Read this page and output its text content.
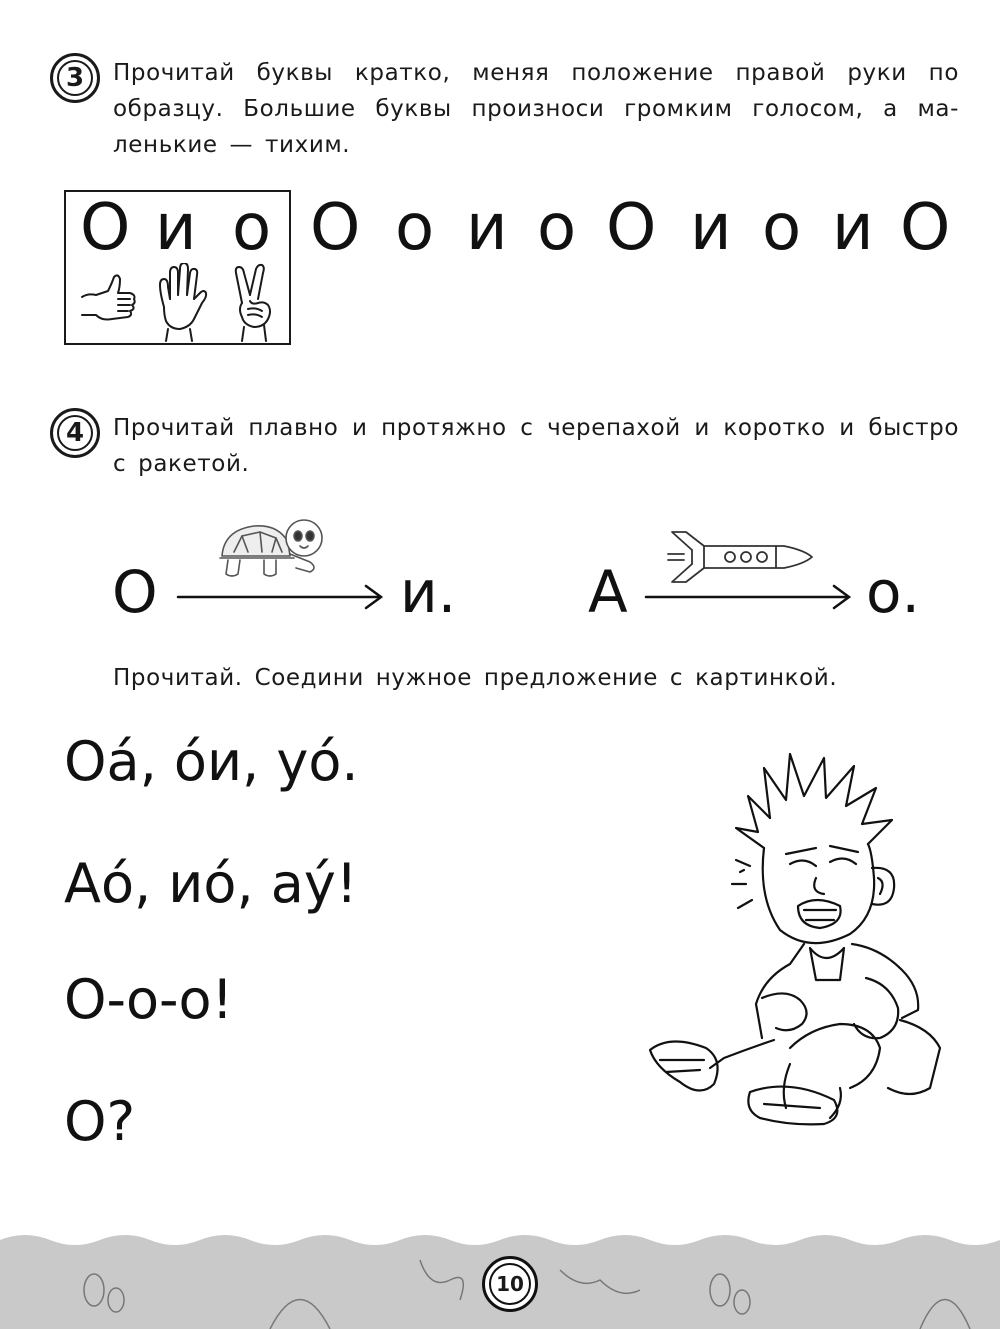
3 Прочитай буквы кратко, меняя положение правой руки по
образцу. Большие буквы произноси громким голосом, а ма-
ленькие — тихим.
О и о О о и о О и о и О
4 Прочитай плавно и протяжно с черепахой и коротко и быстро
с ракетой.
О	и. А	о.
Прочитай. Соедини нужное предложение с картинкой.
Оа́, о́и, уо́.
Ао́, ио́, ау́!
О-о-о!
О?
10
